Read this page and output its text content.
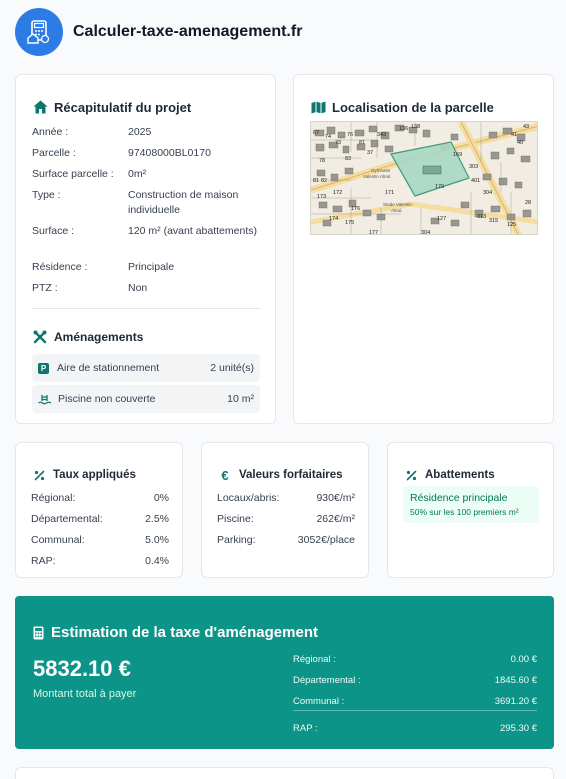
Calculer-taxe-amenagement.fr
Récapitulatif du projet
Année :	2025
Parcelle :	97408000BL0170
Surface parcelle :	0m²
Type :	Construction de maison individuelle
Surface :	120 m² (avant abattements)
Résidence :	Principale
PTZ :	Non
Aménagements
P Aire de stationnement	2 unité(s)
Piscine non couverte	10 m²
Localisation de la parcelle
67
74
73
76
78	83
81
81 82
173
172
174
175
176
177
171
169
170
303
401
304
313
315
125
127
28
304
136 138
343	41
40
43
37
Gymnase
Valentin Abral
Stade Valentin
Abral
Taux appliqués
Régional:	0%
Départemental:	2.5%
Communal:	5.0%
RAP:	0.4%
€ Valeurs forfaitaires
Locaux/abris:	930€/m²
Piscine:	262€/m²
Parking:	3052€/place
Abattements
Résidence principale
50% sur les 100 premiers m²
Estimation de la taxe d'aménagement
5832.10 €
Montant total à payer
Régional :	0.00 €
Départemental :	1845.60 €
Communal :	3691.20 €
RAP :	295.30 €
